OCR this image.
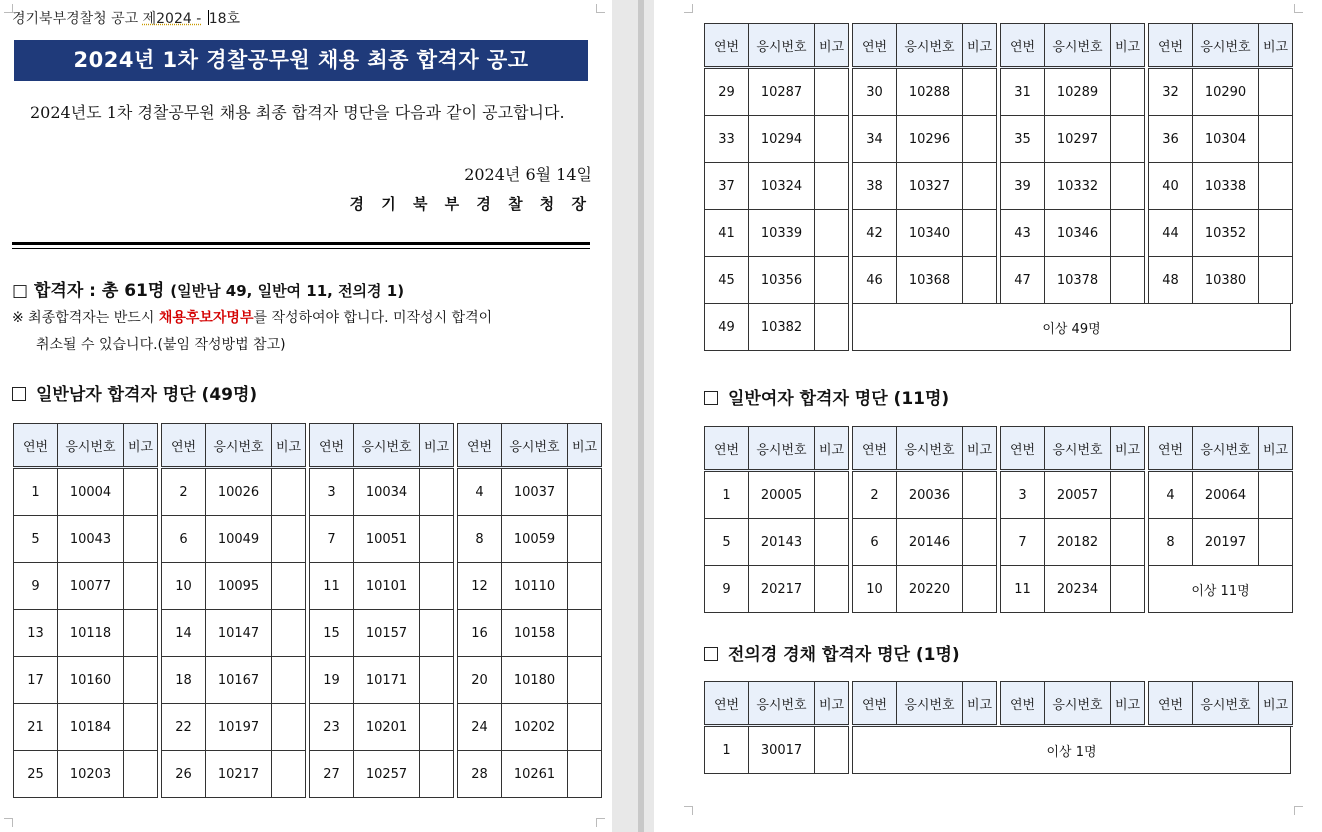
경기북부경찰청 공고 제2024 - 18호
2024년 1차 경찰공무원 채용 최종 합격자 공고
2024년도 1차 경찰공무원 채용 최종 합격자 명단을 다음과 같이 공고합니다.
2024년 6월 14일
경 기 북 부 경 찰 청 장
□ 합격자 : 총 61명 (일반남 49, 일반여 11, 전의경 1)
※ 최종합격자는 반드시 채용후보자명부를 작성하여야 합니다. 미작성시 합격이
취소될 수 있습니다.(붙임 작성방법 참고)
일반남자 합격자 명단 (49명)
연번	응시번호	비고 연번	응시번호	비고 연번	응시번호	비고 연번	응시번호	비고
1	10004		2	10026		3	10034		4	10037	
5	10043		6	10049		7	10051		8	10059	
9	10077		10	10095		11	10101		12	10110	
13	10118		14	10147		15	10157		16	10158	
17	10160		18	10167		19	10171		20	10180	
21	10184		22	10197		23	10201		24	10202	
25	10203		26	10217		27	10257		28	10261	
연번	응시번호	비고 연번	응시번호	비고 연번	응시번호	비고 연번	응시번호	비고
29	10287		30	10288		31	10289		32	10290	
33	10294		34	10296		35	10297		36	10304	
37	10324		38	10327		39	10332		40	10338	
41	10339		42	10340		43	10346		44	10352	
45	10356		46	10368		47	10378		48	10380	
49	10382		이상 49명
일반여자 합격자 명단 (11명)
연번	응시번호	비고 연번	응시번호	비고 연번	응시번호	비고 연번	응시번호	비고
1	20005		2	20036		3	20057		4	20064	
5	20143		6	20146		7	20182		8	20197	
9	20217		10	20220		11	20234		이상 11명
전의경 경채 합격자 명단 (1명)
연번	응시번호	비고 연번	응시번호	비고 연번	응시번호	비고 연번	응시번호	비고
1	30017		이상 1명
